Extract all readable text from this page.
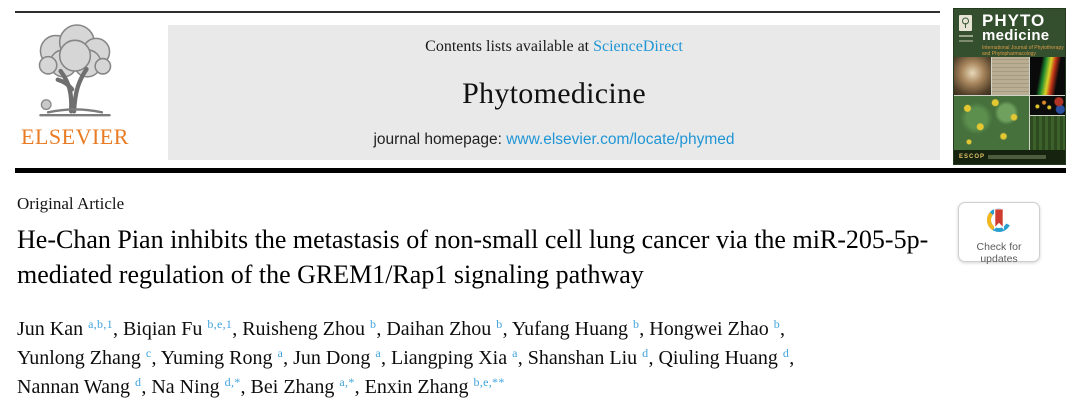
ELSEVIER
Contents lists available at ScienceDirect
Phytomedicine
journal homepage: www.elsevier.com/locate/phymed
PHYTO
medicine
International Journal of Phytotherapy and Phytopharmacology
ESCOP
Original Article
He-Chan Pian inhibits the metastasis of non-small cell lung cancer via the miR-205-5p-mediated regulation of the GREM1/Rap1 signaling pathway
Jun Kan $^{a,b,1}$, Biqian Fu $^{b,e,1}$, Ruisheng Zhou $^b$, Daihan Zhou $^b$, Yufang Huang $^b$, Hongwei Zhao $^b$, Yunlong Zhang $^c$, Yuming Rong $^a$, Jun Dong $^a$, Liangping Xia $^a$, Shanshan Liu $^d$, Qiuling Huang $^d$, Nannan Wang $^d$, Na Ning $^{d,*}$, Bei Zhang $^{a,*}$, Enxin Zhang $^{b,e,**}$
Check for
updates
